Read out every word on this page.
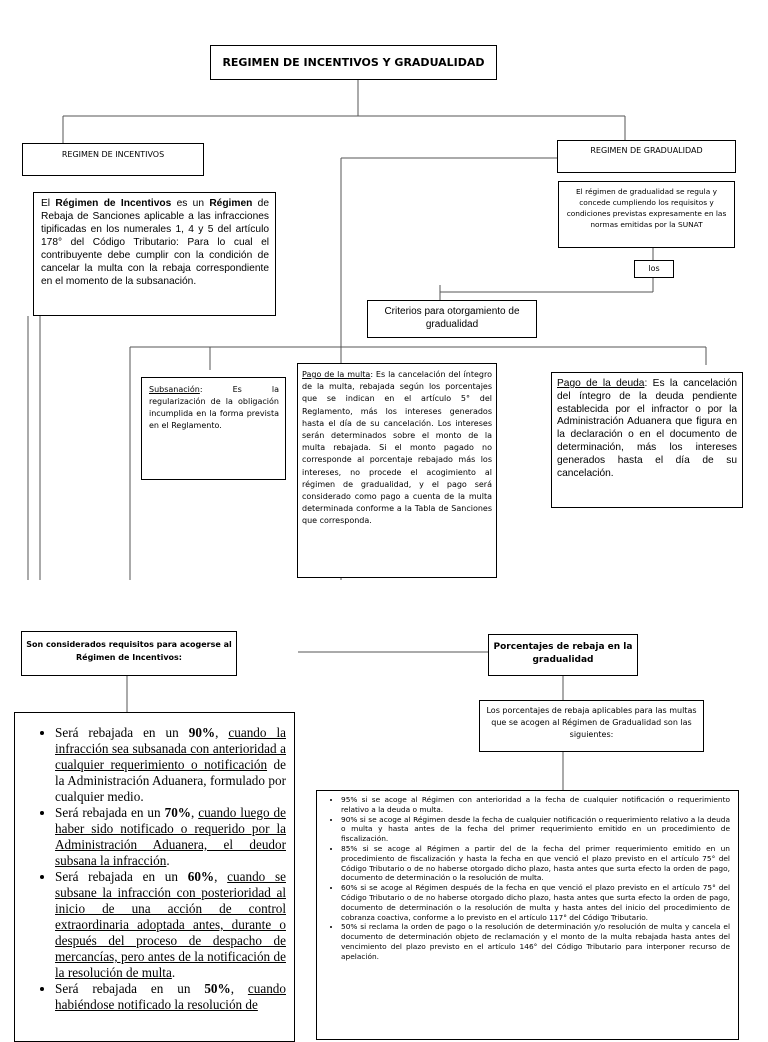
REGIMEN DE INCENTIVOS Y GRADUALIDAD
REGIMEN DE INCENTIVOS
El Régimen de Incentivos es un Régimen de Rebaja de Sanciones aplicable a las infracciones tipificadas en los numerales 1, 4 y 5 del artículo 178° del Código Tributario: Para lo cual el contribuyente debe cumplir con la condición de cancelar la multa con la rebaja correspondiente en el momento de la subsanación.
REGIMEN DE GRADUALIDAD
El régimen de gradualidad se regula y concede cumpliendo los requisitos y condiciones previstas expresamente en las normas emitidas por la SUNAT
los
Criterios para otorgamiento de gradualidad
Subsanación: Es la regularización de la obligación incumplida en la forma prevista en el Reglamento.
Pago de la multa: Es la cancelación del íntegro de la multa, rebajada según los porcentajes que se indican en el artículo 5° del Reglamento, más los intereses generados hasta el día de su cancelación. Los intereses serán determinados sobre el monto de la multa rebajada. Si el monto pagado no corresponde al porcentaje rebajado más los intereses, no procede el acogimiento al régimen de gradualidad, y el pago será considerado como pago a cuenta de la multa determinada conforme a la Tabla de Sanciones que corresponda.
Pago de la deuda: Es la cancelación del íntegro de la deuda pendiente establecida por el infractor o por la Administración Aduanera que figura en la declaración o en el documento de determinación, más los intereses generados hasta el día de su cancelación.
Son considerados requisitos para acogerse al Régimen de Incentivos:
• Será rebajada en un 90%, cuando la infracción sea subsanada con anterioridad a cualquier requerimiento o notificación de la Administración Aduanera, formulado por cualquier medio.
• Será rebajada en un 70%, cuando luego de haber sido notificado o requerido por la Administración Aduanera, el deudor subsana la infracción.
• Será rebajada en un 60%, cuando se subsane la infracción con posterioridad al inicio de una acción de control extraordinaria adoptada antes, durante o después del proceso de despacho de mercancías, pero antes de la notificación de la resolución de multa.
• Será rebajada en un 50%, cuando habiéndose notificado la resolución de
Porcentajes de rebaja en la gradualidad
Los porcentajes de rebaja aplicables para las multas que se acogen al Régimen de Gradualidad son las siguientes:
• 95% si se acoge al Régimen con anterioridad a la fecha de cualquier notificación o requerimiento relativo a la deuda o multa.
• 90% si se acoge al Régimen desde la fecha de cualquier notificación o requerimiento relativo a la deuda o multa y hasta antes de la fecha del primer requerimiento emitido en un procedimiento de fiscalización.
• 85% si se acoge al Régimen a partir del de la fecha del primer requerimiento emitido en un procedimiento de fiscalización y hasta la fecha en que venció el plazo previsto en el artículo 75° del Código Tributario o de no haberse otorgado dicho plazo, hasta antes que surta efecto la orden de pago, documento de determinación o la resolución de multa.
• 60% si se acoge al Régimen después de la fecha en que venció el plazo previsto en el artículo 75° del Código Tributario o de no haberse otorgado dicho plazo, hasta antes que surta efecto la orden de pago, documento de determinación o la resolución de multa y hasta antes del inicio del procedimiento de cobranza coactiva, conforme a lo previsto en el artículo 117° del Código Tributario.
• 50% si reclama la orden de pago o la resolución de determinación y/o resolución de multa y cancela el documento de determinación objeto de reclamación y el monto de la multa rebajada hasta antes del vencimiento del plazo previsto en el artículo 146° del Código Tributario para interponer recurso de apelación.
